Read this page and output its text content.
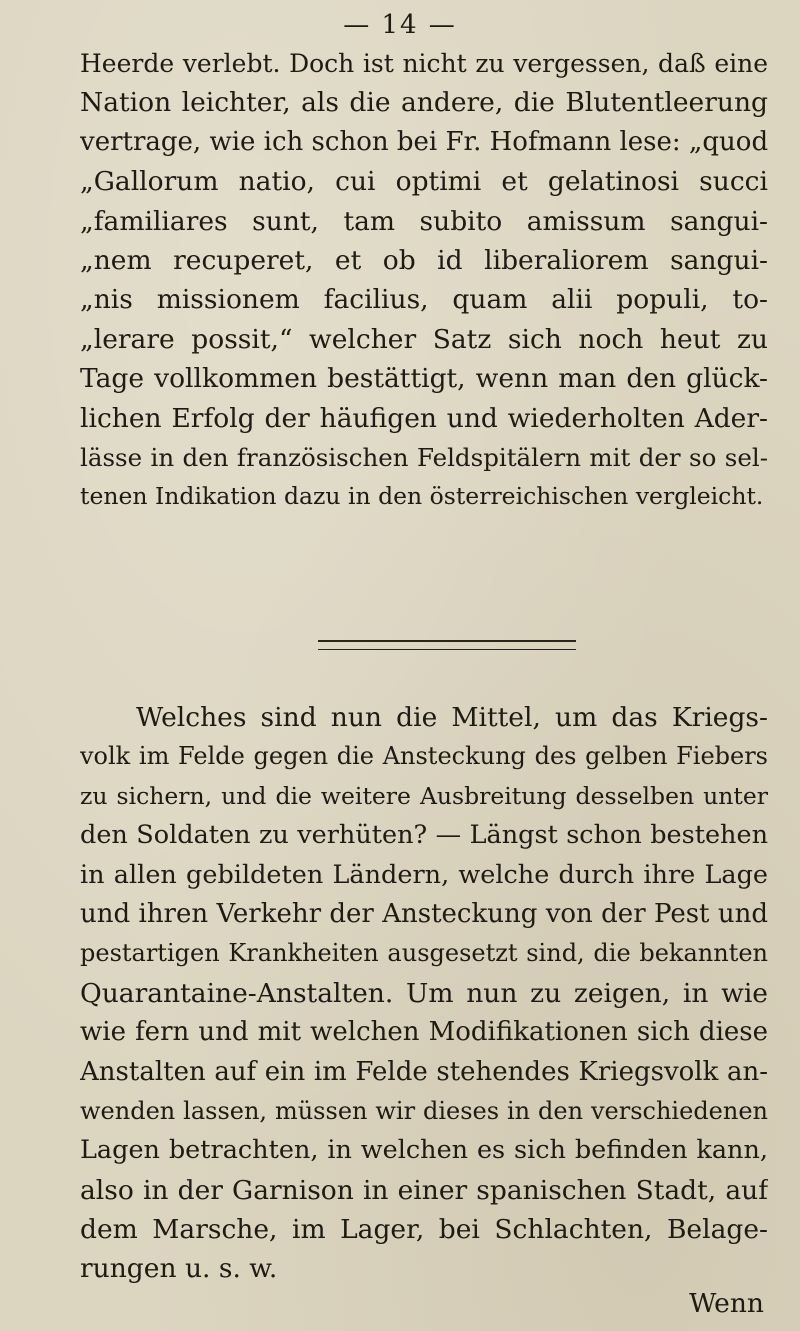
— 14 —
Heerde verlebt. Doch ist nicht zu vergessen, daß eine
Nation leichter, als die andere, die Blutentleerung
vertrage, wie ich schon bei Fr. Hofmann lese: „quod
„Gallorum natio, cui optimi et gelatinosi succi
„familiares sunt, tam subito amissum sangui-
„nem recuperet, et ob id liberaliorem sangui-
„nis missionem facilius, quam alii populi, to-
„lerare possit,“ welcher Satz sich noch heut zu
Tage vollkommen bestättigt, wenn man den glück-
lichen Erfolg der häufigen und wiederholten Ader-
lässe in den französischen Feldspitälern mit der so sel-
tenen Indikation dazu in den österreichischen vergleicht.
Welches sind nun die Mittel, um das Kriegs-
volk im Felde gegen die Ansteckung des gelben Fiebers
zu sichern, und die weitere Ausbreitung desselben unter
den Soldaten zu verhüten? — Längst schon bestehen
in allen gebildeten Ländern, welche durch ihre Lage
und ihren Verkehr der Ansteckung von der Pest und
pestartigen Krankheiten ausgesetzt sind, die bekannten
Quarantaine-Anstalten. Um nun zu zeigen, in wie
wie fern und mit welchen Modifikationen sich diese
Anstalten auf ein im Felde stehendes Kriegsvolk an-
wenden lassen, müssen wir dieses in den verschiedenen
Lagen betrachten, in welchen es sich befinden kann,
also in der Garnison in einer spanischen Stadt, auf
dem Marsche, im Lager, bei Schlachten, Belage-
rungen u. s. w.
Wenn
